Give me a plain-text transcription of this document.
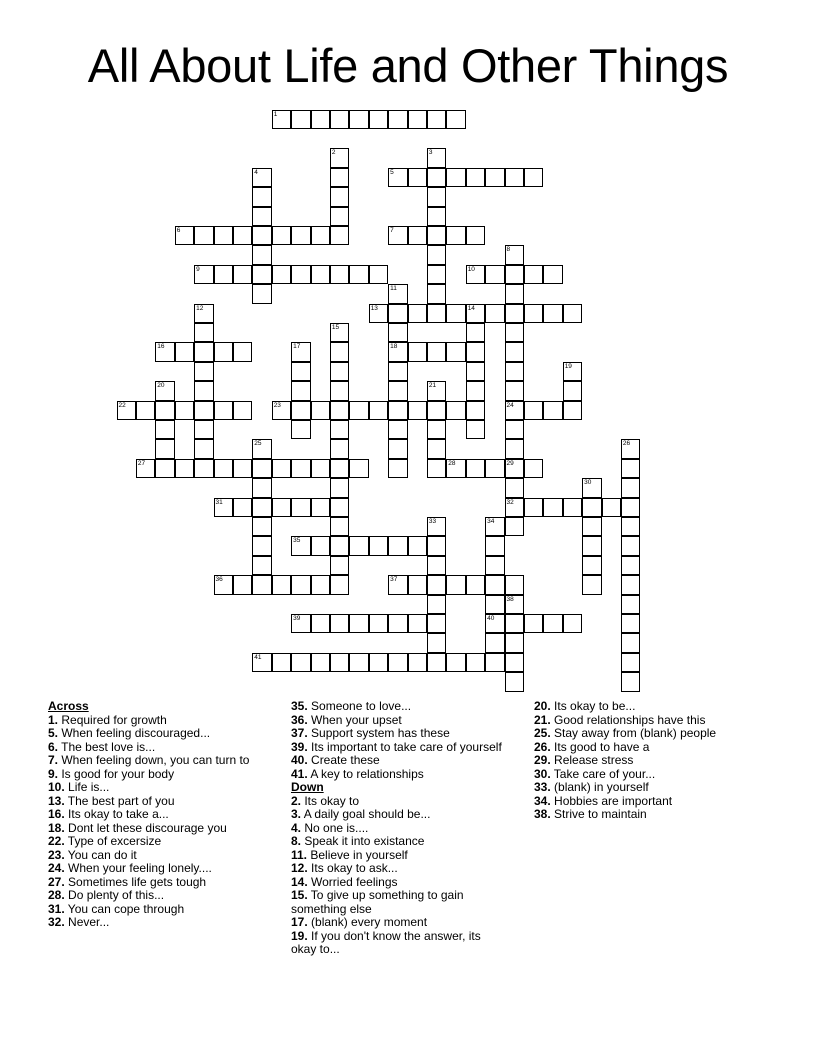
All About Life and Other Things
1
2	3
4	5
6	7
8
24
9	10
11
18
12	13	14
15
16	17
19
20	21
22	23
25	26
27	28	29
32
30
31
33	34
40
35
36	37
38
39
41
Across
1. Required for growth
5. When feeling discouraged...
6. The best love is...
7. When feeling down, you can turn to
9. Is good for your body
10. Life is...
13. The best part of you
16. Its okay to take a...
18. Dont let these discourage you
22. Type of excersize
23. You can do it
24. When your feeling lonely....
27. Sometimes life gets tough
28. Do plenty of this...
31. You can cope through
32. Never...
35. Someone to love...
36. When your upset
37. Support system has these
39. Its important to take care of yourself
40. Create these
41. A key to relationships
Down
2. Its okay to
3. A daily goal should be...
4. No one is....
8. Speak it into existance
11. Believe in yourself
12. Its okay to ask...
14. Worried feelings
15. To give up something to gain something else
17. (blank) every moment
19. If you don't know the answer, its okay to...
20. Its okay to be...
21. Good relationships have this
25. Stay away from (blank) people
26. Its good to have a
29. Release stress
30. Take care of your...
33. (blank) in yourself
34. Hobbies are important
38. Strive to maintain
